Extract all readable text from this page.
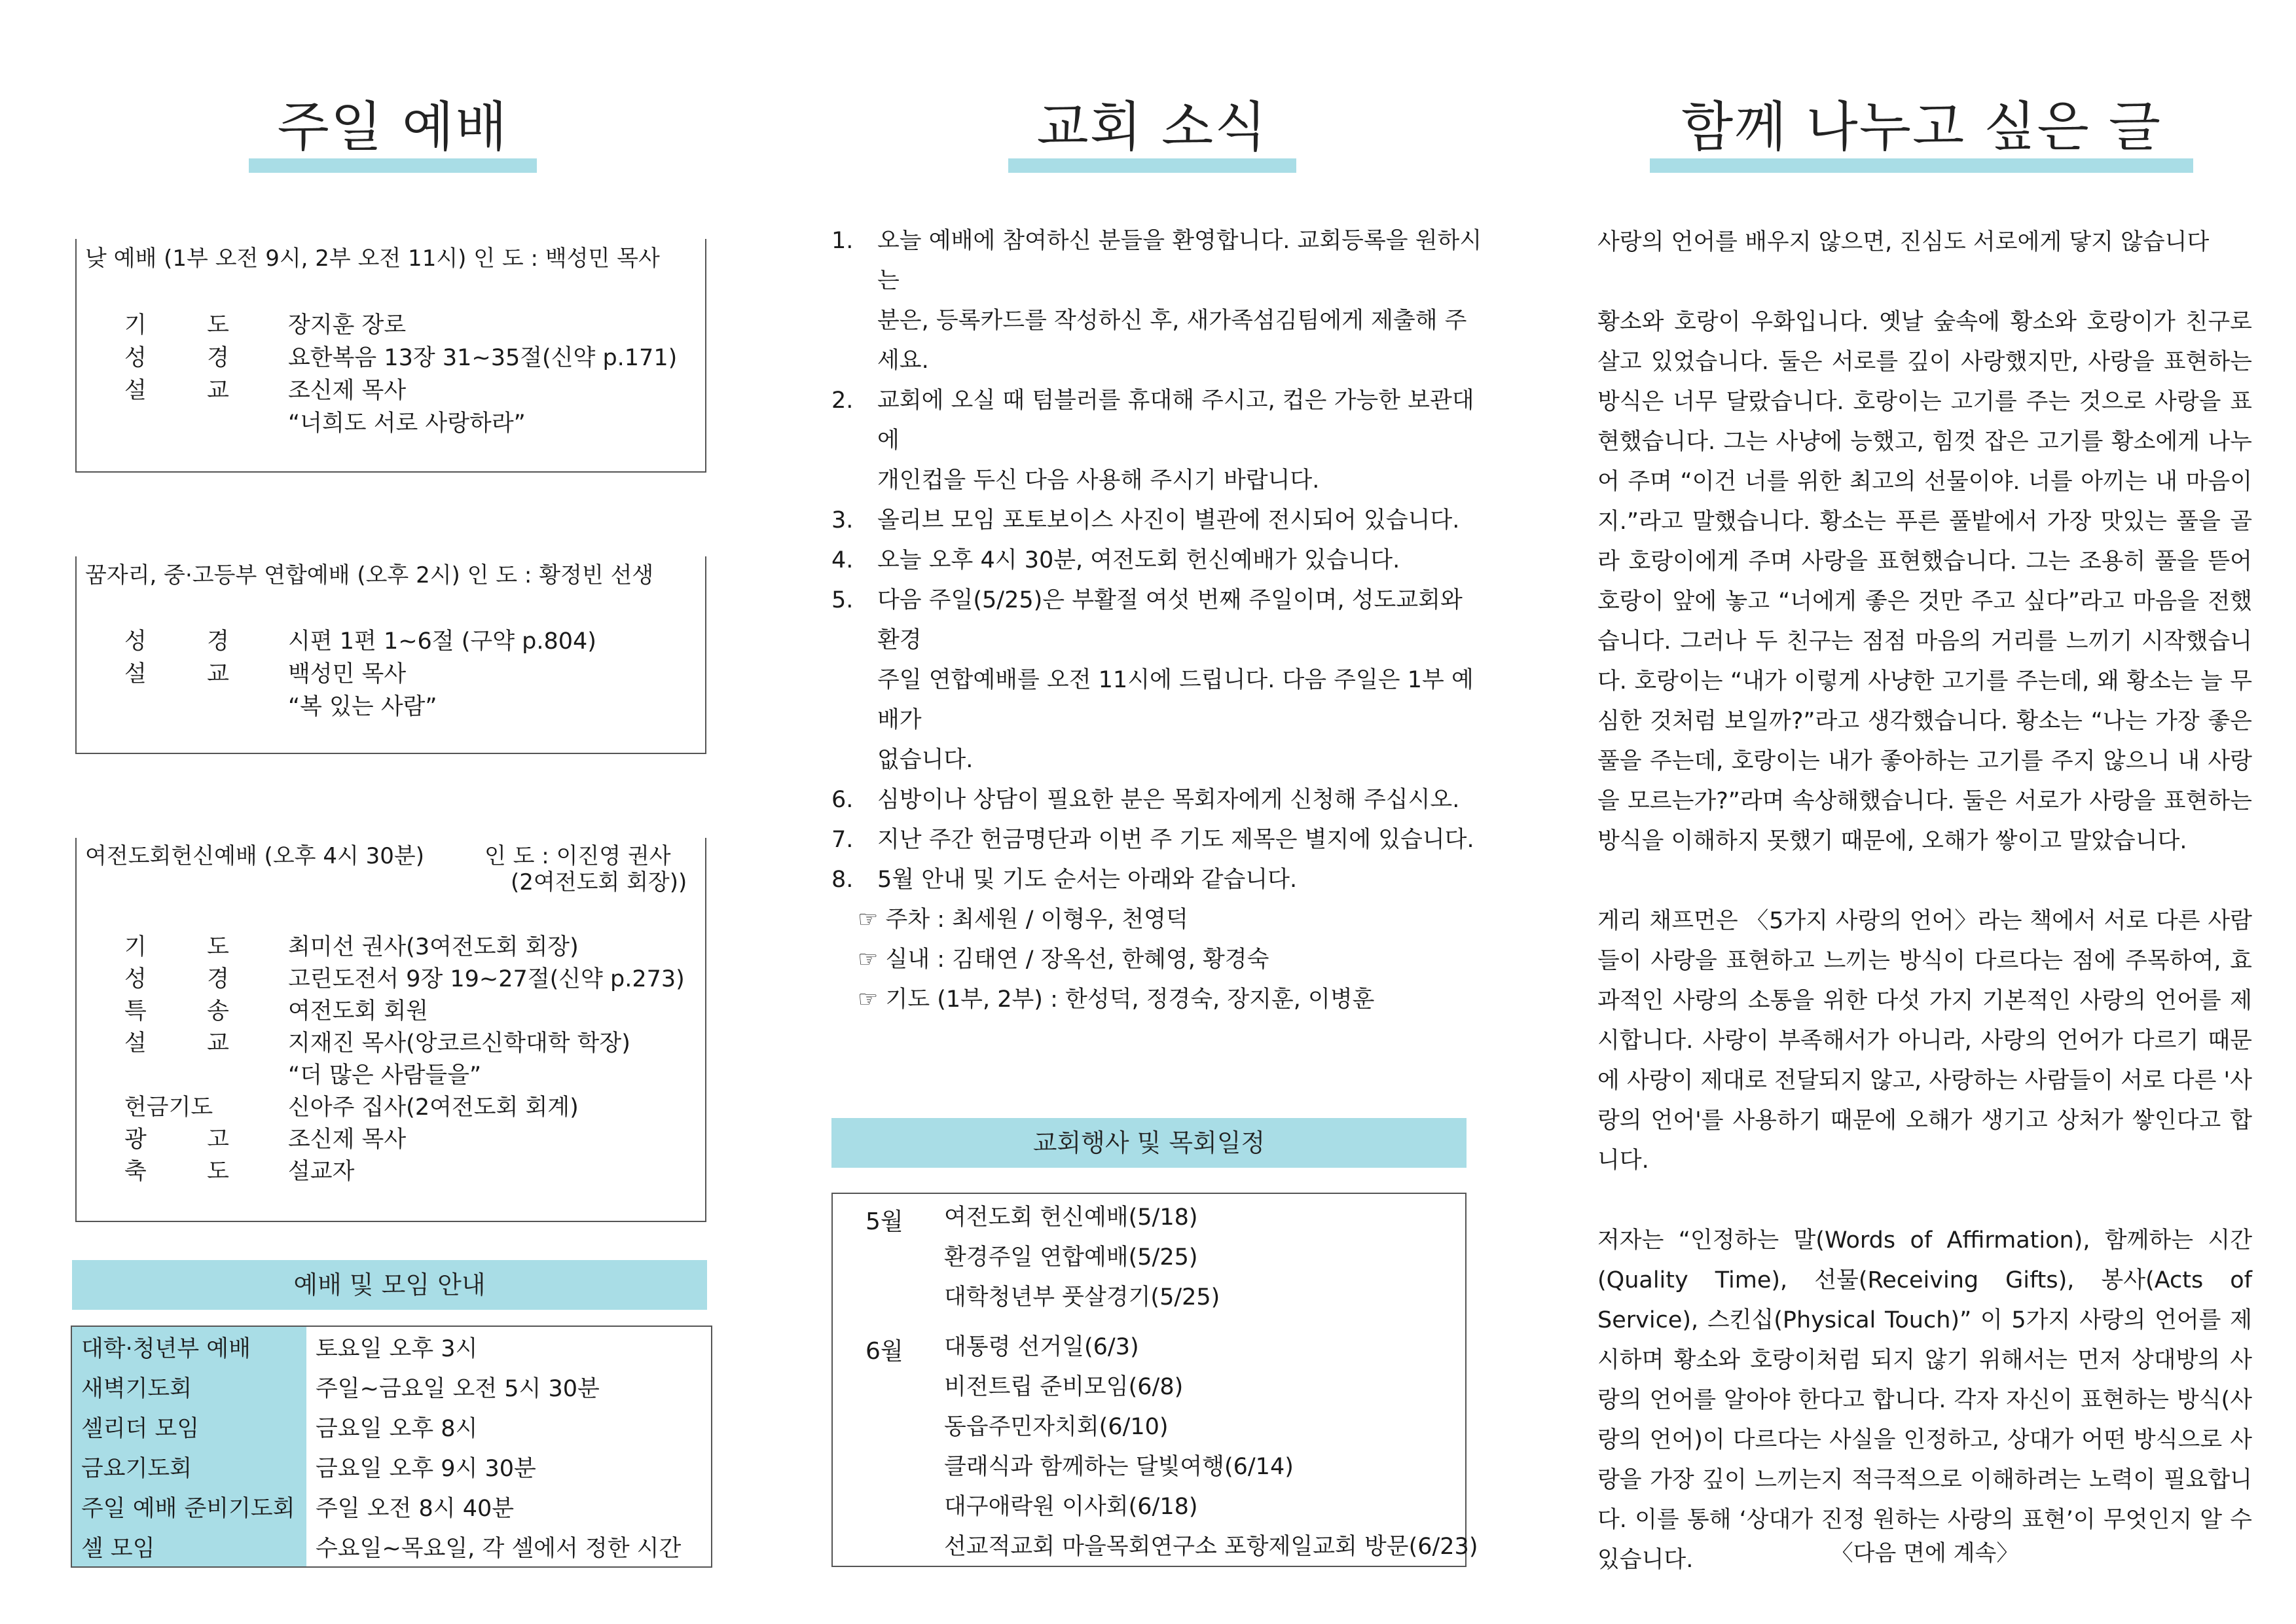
주일 예배
낮 예배 (1부 오전 9시, 2부 오전 11시) 인 도 : 백성민 목사
기 도	장지훈 장로
성 경	요한복음 13장 31~35절(신약 p.171)
설 교	조신제 목사
“너희도 서로 사랑하라”
꿈자리, 중·고등부 연합예배 (오후 2시) 인 도 : 황정빈 선생
성 경	시편 1편 1~6절 (구약 p.804)
설 교	백성민 목사
“복 있는 사람”
여전도회헌신예배 (오후 4시 30분)	인 도 : 이진영 권사
(2여전도회 회장))
기 도	최미선 권사(3여전도회 회장)
성 경	고린도전서 9장 19~27절(신약 p.273)
특 송	여전도회 회원
설 교	지재진 목사(앙코르신학대학 학장)
“더 많은 사람들을”
헌금기도	신아주 집사(2여전도회 회계)
광 고	조신제 목사
축 도	설교자
예배 및 모임 안내
대학·청년부 예배	토요일 오후 3시
새벽기도회	주일~금요일 오전 5시 30분
셀리더 모임	금요일 오후 8시
금요기도회	금요일 오후 9시 30분
주일 예배 준비기도회	주일 오전 8시 40분
셀 모임	수요일~목요일, 각 셀에서 정한 시간
교회 소식
1. 오늘 예배에 참여하신 분들을 환영합니다. 교회등록을 원하시는
분은, 등록카드를 작성하신 후, 새가족섬김팀에게 제출해 주세요.
2. 교회에 오실 때 텀블러를 휴대해 주시고, 컵은 가능한 보관대에
개인컵을 두신 다음 사용해 주시기 바랍니다.
3. 올리브 모임 포토보이스 사진이 별관에 전시되어 있습니다.
4. 오늘 오후 4시 30분, 여전도회 헌신예배가 있습니다.
5. 다음 주일(5/25)은 부활절 여섯 번째 주일이며, 성도교회와 환경
주일 연합예배를 오전 11시에 드립니다. 다음 주일은 1부 예배가
없습니다.
6. 심방이나 상담이 필요한 분은 목회자에게 신청해 주십시오.
7. 지난 주간 헌금명단과 이번 주 기도 제목은 별지에 있습니다.
8. 5월 안내 및 기도 순서는 아래와 같습니다.
☞ 주차 : 최세원 / 이형우, 천영덕
☞ 실내 : 김태연 / 장옥선, 한혜영, 황경숙
☞ 기도 (1부, 2부) : 한성덕, 정경숙, 장지훈, 이병훈
교회행사 및 목회일정
5월 여전도회 헌신예배(5/18)
환경주일 연합예배(5/25)
대학청년부 풋살경기(5/25)
6월 대통령 선거일(6/3)
비전트립 준비모임(6/8)
동읍주민자치회(6/10)
클래식과 함께하는 달빛여행(6/14)
대구애락원 이사회(6/18)
선교적교회 마을목회연구소 포항제일교회 방문(6/23)
함께 나누고 싶은 글

사랑의 언어를 배우지 않으면, 진심도 서로에게 닿지 않습니다

황소와 호랑이 우화입니다. 옛날 숲속에 황소와 호랑이가 친구로 살고 있었습니다. 둘은 서로를 깊이 사랑했지만, 사랑을 표현하는 방식은 너무 달랐습니다. 호랑이는 고기를 주는 것으로 사랑을 표현했습니다. 그는 사냥에 능했고, 힘껏 잡은 고기를 황소에게 나누어 주며 “이건 너를 위한 최고의 선물이야. 너를 아끼는 내 마음이지.”라고 말했습니다. 황소는 푸른 풀밭에서 가장 맛있는 풀을 골라 호랑이에게 주며 사랑을 표현했습니다. 그는 조용히 풀을 뜯어 호랑이 앞에 놓고 “너에게 좋은 것만 주고 싶다”라고 마음을 전했습니다. 그러나 두 친구는 점점 마음의 거리를 느끼기 시작했습니다. 호랑이는 “내가 이렇게 사냥한 고기를 주는데, 왜 황소는 늘 무심한 것처럼 보일까?”라고 생각했습니다. 황소는 “나는 가장 좋은 풀을 주는데, 호랑이는 내가 좋아하는 고기를 주지 않으니 내 사랑을 모르는가?”라며 속상해했습니다. 둘은 서로가 사랑을 표현하는 방식을 이해하지 못했기 때문에, 오해가 쌓이고 말았습니다.

게리 채프먼은 〈5가지 사랑의 언어〉라는 책에서 서로 다른 사람들이 사랑을 표현하고 느끼는 방식이 다르다는 점에 주목하여, 효과적인 사랑의 소통을 위한 다섯 가지 기본적인 사랑의 언어를 제시합니다. 사랑이 부족해서가 아니라, 사랑의 언어가 다르기 때문에 사랑이 제대로 전달되지 않고, 사랑하는 사람들이 서로 다른 '사랑의 언어'를 사용하기 때문에 오해가 생기고 상처가 쌓인다고 합니다.

저자는 “인정하는 말(Words of Affirmation), 함께하는 시간(Quality Time), 선물(Receiving Gifts), 봉사(Acts of Service), 스킨십(Physical Touch)” 이 5가지 사랑의 언어를 제시하며 황소와 호랑이처럼 되지 않기 위해서는 먼저 상대방의 사랑의 언어를 알아야 한다고 합니다. 각자 자신이 표현하는 방식(사랑의 언어)이 다르다는 사실을 인정하고, 상대가 어떤 방식으로 사랑을 가장 깊이 느끼는지 적극적으로 이해하려는 노력이 필요합니다. 이를 통해 ‘상대가 진정 원하는 사랑의 표현’이 무엇인지 알 수 있습니다.	〈다음 면에 계속〉
